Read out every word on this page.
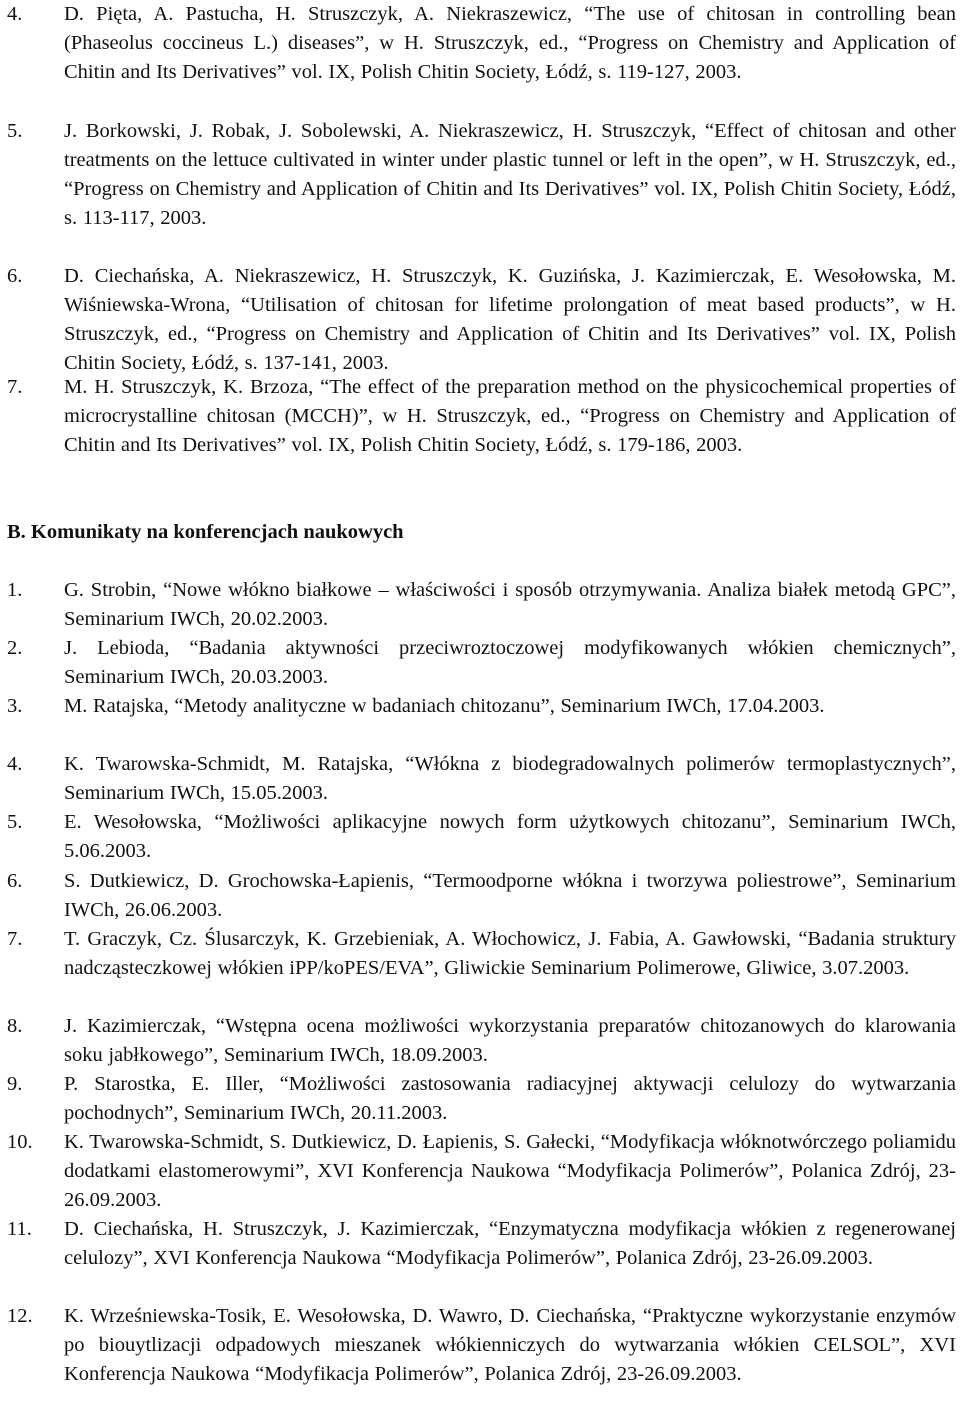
4. D. Pięta, A. Pastucha, H. Struszczyk, A. Niekraszewicz, “The use of chitosan in controlling bean (Phaseolus coccineus L.) diseases”, w H. Struszczyk, ed., “Progress on Chemistry and Application of Chitin and Its Derivatives” vol. IX, Polish Chitin Society, Łódź, s. 119-127, 2003.
5. J. Borkowski, J. Robak, J. Sobolewski, A. Niekraszewicz, H. Struszczyk, “Effect of chitosan and other treatments on the lettuce cultivated in winter under plastic tunnel or left in the open”, w H. Struszczyk, ed., “Progress on Chemistry and Application of Chitin and Its Derivatives” vol. IX, Polish Chitin Society, Łódź, s. 113-117, 2003.
6. D. Ciechańska, A. Niekraszewicz, H. Struszczyk, K. Guzińska, J. Kazimierczak, E. Wesołowska, M. Wiśniewska-Wrona, “Utilisation of chitosan for lifetime prolongation of meat based products”, w H. Struszczyk, ed., “Progress on Chemistry and Application of Chitin and Its Derivatives” vol. IX, Polish Chitin Society, Łódź, s. 137-141, 2003.
7. M. H. Struszczyk, K. Brzoza, “The effect of the preparation method on the physicochemical properties of microcrystalline chitosan (MCCH)”, w H. Struszczyk, ed., “Progress on Chemistry and Application of Chitin and Its Derivatives” vol. IX, Polish Chitin Society, Łódź, s. 179-186, 2003.
B. Komunikaty na konferencjach naukowych
1. G. Strobin, “Nowe włókno białkowe – właściwości i sposób otrzymywania. Analiza białek metodą GPC”, Seminarium IWCh, 20.02.2003.
2. J. Lebioda, “Badania aktywności przeciwroztoczowej modyfikowanych włókien chemicznych”, Seminarium IWCh, 20.03.2003.
3. M. Ratajska, “Metody analityczne w badaniach chitozanu”, Seminarium IWCh, 17.04.2003.
4. K. Twarowska-Schmidt, M. Ratajska, “Włókna z biodegradowalnych polimerów termoplastycznych”, Seminarium IWCh, 15.05.2003.
5. E. Wesołowska, “Możliwości aplikacyjne nowych form użytkowych chitozanu”, Seminarium IWCh, 5.06.2003.
6. S. Dutkiewicz, D. Grochowska-Łapienis, “Termoodporne włókna i tworzywa poliestrowe”, Seminarium IWCh, 26.06.2003.
7. T. Graczyk, Cz. Ślusarczyk, K. Grzebieniak, A. Włochowicz, J. Fabia, A. Gawłowski, “Badania struktury nadcząsteczkowej włókien iPP/koPES/EVA”, Gliwickie Seminarium Polimerowe, Gliwice, 3.07.2003.
8. J. Kazimierczak, “Wstępna ocena możliwości wykorzystania preparatów chitozanowych do klarowania soku jabłkowego”, Seminarium IWCh, 18.09.2003.
9. P. Starostka, E. Iller, “Możliwości zastosowania radiacyjnej aktywacji celulozy do wytwarzania pochodnych”, Seminarium IWCh, 20.11.2003.
10. K. Twarowska-Schmidt, S. Dutkiewicz, D. Łapienis, S. Gałecki, “Modyfikacja włóknotwórczego poliamidu dodatkami elastomerowymi”, XVI Konferencja Naukowa “Modyfikacja Polimerów”, Polanica Zdrój, 23-26.09.2003.
11. D. Ciechańska, H. Struszczyk, J. Kazimierczak, “Enzymatyczna modyfikacja włókien z regenerowanej celulozy”, XVI Konferencja Naukowa “Modyfikacja Polimerów”, Polanica Zdrój, 23-26.09.2003.
12. K. Wrześniewska-Tosik, E. Wesołowska, D. Wawro, D. Ciechańska, “Praktyczne wykorzystanie enzymów po biouytlizacji odpadowych mieszanek włókienniczych do wytwarzania włókien CELSOL”, XVI Konferencja Naukowa “Modyfikacja Polimerów”, Polanica Zdrój, 23-26.09.2003.
